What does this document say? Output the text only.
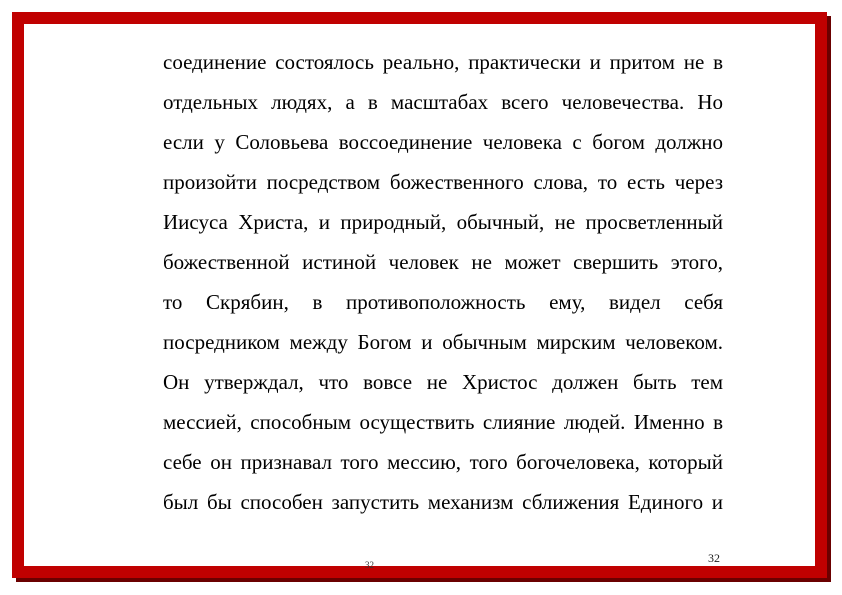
соединение состоялось реально, практически и притом не в
отдельных людях, а в масштабах всего человечества. Но
если у Соловьева воссоединение человека с богом должно
произойти посредством божественного слова, то есть через
Иисуса Христа, и природный, обычный, не просветленный
божественной истиной человек не может свершить этого,
то Скрябин, в противоположность ему, видел себя
посредником между Богом и обычным мирским человеком.
Он утверждал, что вовсе не Христос должен быть тем
мессией, способным осуществить слияние людей. Именно в
себе он признавал того мессию, того богочеловека, который
был бы способен запустить механизм сближения Единого и
32	32
